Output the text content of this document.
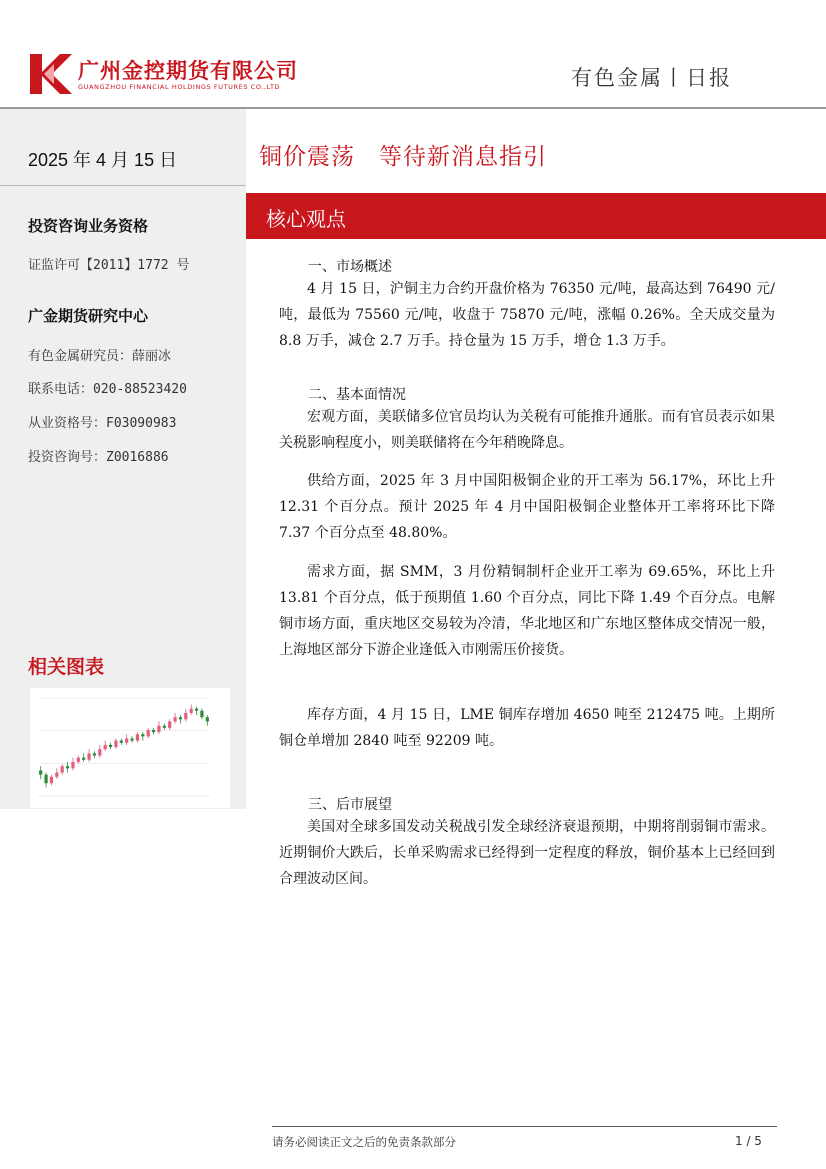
广州金控期货有限公司
GUANGZHOU FINANCIAL HOLDINGS FUTURES CO.,LTD	有色金属丨日报
2025 年 4 月 15 日
投资咨询业务资格
证监许可【2011】1772 号
广金期货研究中心
有色金属研究员：薛丽冰
联系电话：020-88523420
从业资格号：F03090983
投资咨询号：Z0016886
相关图表
铜价震荡　等待新消息指引
核心观点
一、市场概述
4 月 15 日，沪铜主力合约开盘价格为 76350 元/吨，最高达到 76490 元/吨，最低为 75560 元/吨，收盘于 75870 元/吨，涨幅 0.26%。全天成交量为 8.8 万手，减仓 2.7 万手。持仓量为 15 万手，增仓 1.3 万手。
二、基本面情况
宏观方面，美联储多位官员均认为关税有可能推升通胀。而有官员表示如果关税影响程度小，则美联储将在今年稍晚降息。
供给方面，2025 年 3 月中国阳极铜企业的开工率为 56.17%，环比上升 12.31 个百分点。预计 2025 年 4 月中国阳极铜企业整体开工率将环比下降 7.37 个百分点至 48.80%。
需求方面，据 SMM，3 月份精铜制杆企业开工率为 69.65%，环比上升 13.81 个百分点，低于预期值 1.60 个百分点，同比下降 1.49 个百分点。电解铜市场方面，重庆地区交易较为冷清，华北地区和广东地区整体成交情况一般，上海地区部分下游企业逢低入市刚需压价接货。
库存方面，4 月 15 日，LME 铜库存增加 4650 吨至 212475 吨。上期所铜仓单增加 2840 吨至 92209 吨。
三、后市展望
美国对全球多国发动关税战引发全球经济衰退预期，中期将削弱铜市需求。近期铜价大跌后，长单采购需求已经得到一定程度的释放，铜价基本上已经回到合理波动区间。
请务必阅读正文之后的免责条款部分	1 / 5
